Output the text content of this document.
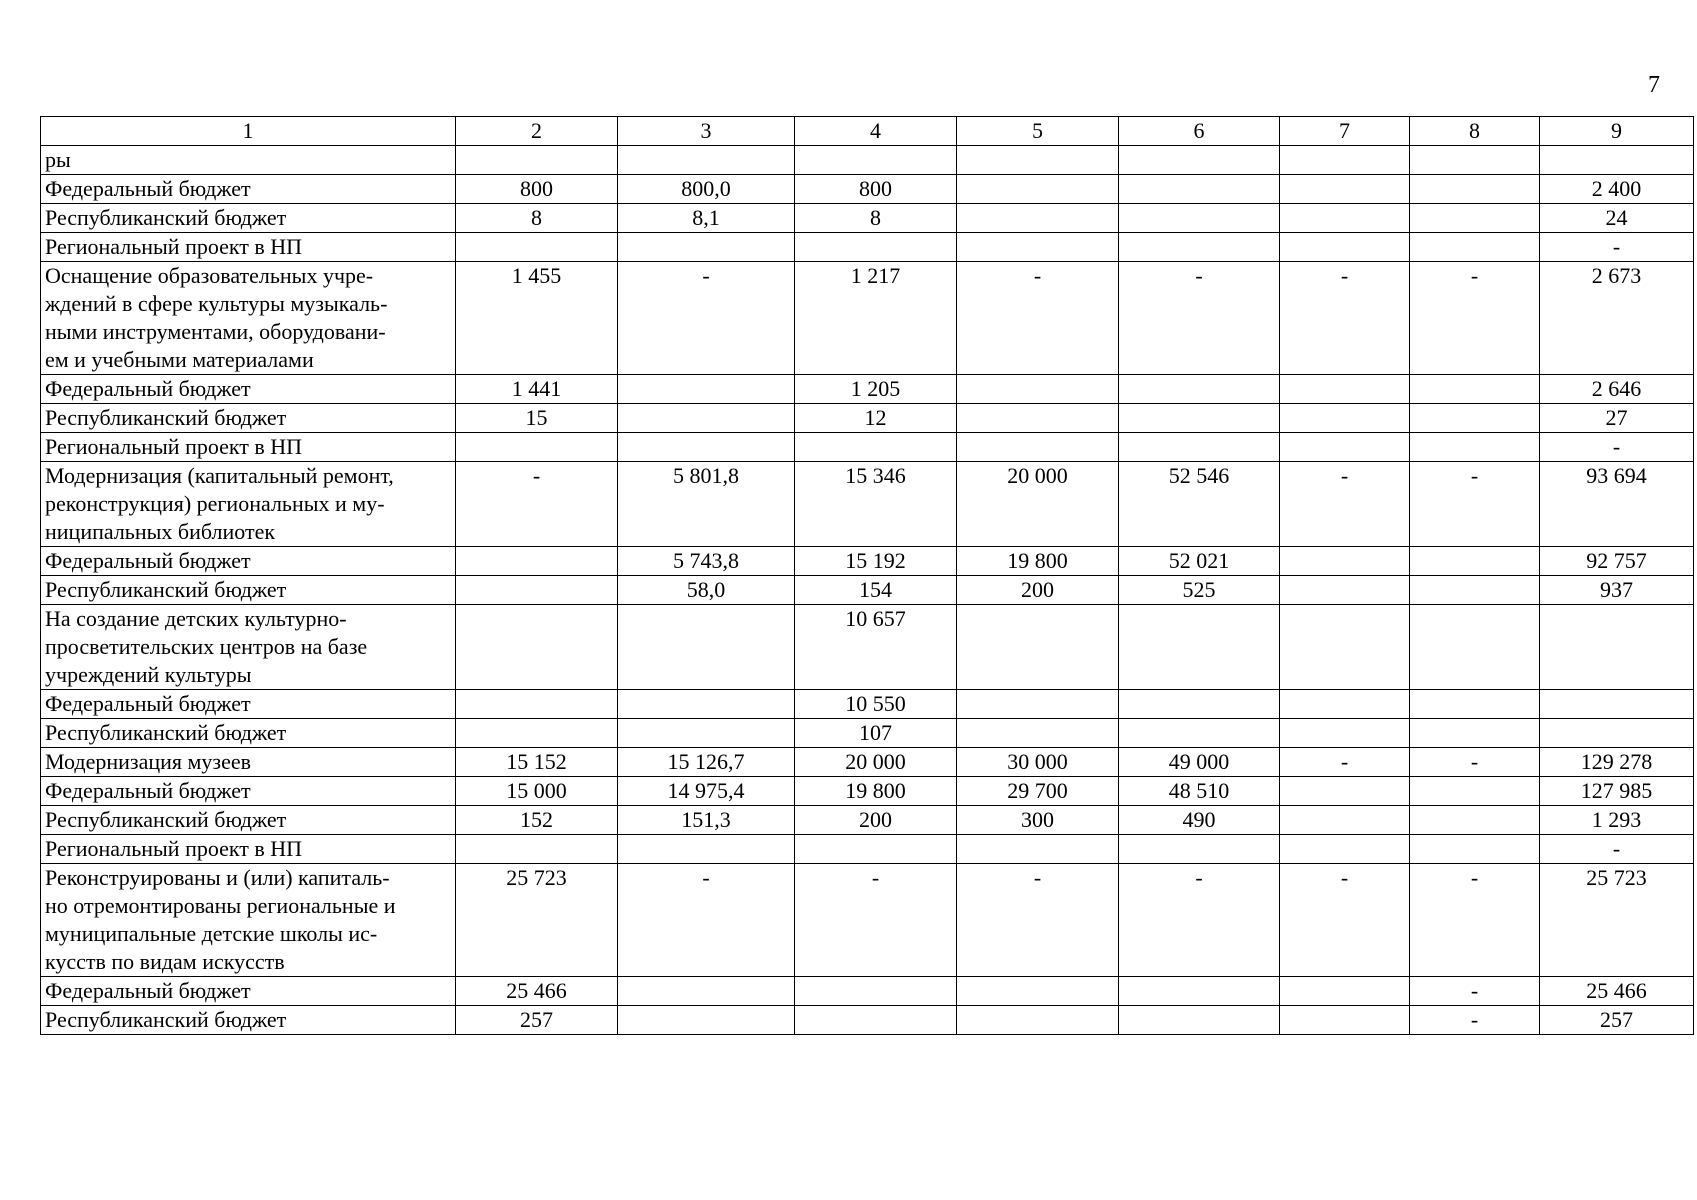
7
1	2	3	4	5	6	7	8	9
ры								
Федеральный бюджет	800	800,0	800					2 400
Республиканский бюджет	8	8,1	8					24
Региональный проект в НП								-
Оснащение образовательных учре-
ждений в сфере культуры музыкаль-
ными инструментами, оборудовани-
ем и учебными материалами	1 455	-	1 217	-	-	-	-	2 673
Федеральный бюджет	1 441		1 205					2 646
Республиканский бюджет	15		12					27
Региональный проект в НП								-
Модернизация (капитальный ремонт,
реконструкция) региональных и му-
ниципальных библиотек	-	5 801,8	15 346	20 000	52 546	-	-	93 694
Федеральный бюджет		5 743,8	15 192	19 800	52 021			92 757
Республиканский бюджет		58,0	154	200	525			937
На создание детских культурно-
просветительских центров на базе
учреждений культуры			10 657					
Федеральный бюджет			10 550					
Республиканский бюджет			107					
Модернизация музеев	15 152	15 126,7	20 000	30 000	49 000	-	-	129 278
Федеральный бюджет	15 000	14 975,4	19 800	29 700	48 510			127 985
Республиканский бюджет	152	151,3	200	300	490			1 293
Региональный проект в НП								-
Реконструированы и (или) капиталь-
но отремонтированы региональные и
муниципальные детские школы ис-
кусств по видам искусств	25 723	-	-	-	-	-	-	25 723
Федеральный бюджет	25 466						-	25 466
Республиканский бюджет	257						-	257
